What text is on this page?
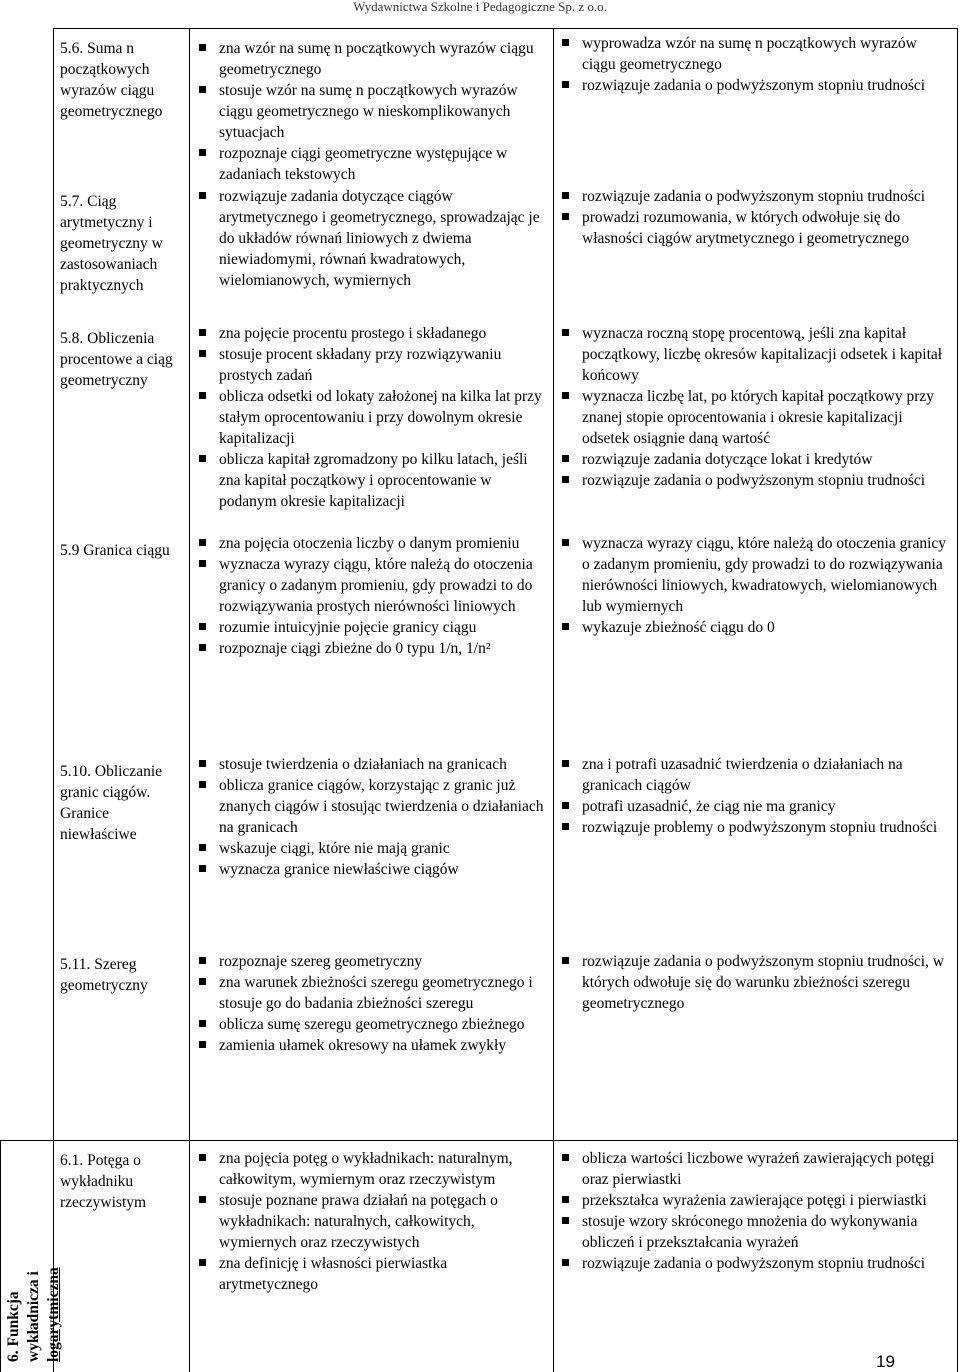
Wydawnictwa Szkolne i Pedagogiczne Sp. z o.o.
5.6. Suma n początkowych wyrazów ciągu geometrycznego
zna wzór na sumę n początkowych wyrazów ciągu geometrycznego
stosuje wzór na sumę n początkowych wyrazów ciągu geometrycznego w nieskomplikowanych sytuacjach
rozpoznaje ciągi geometryczne występujące w zadaniach tekstowych
wyprowadza wzór na sumę n początkowych wyrazów ciągu geometrycznego
rozwiązuje zadania o podwyższonym stopniu trudności
5.7. Ciąg arytmetyczny i geometryczny w zastosowaniach praktycznych
rozwiązuje zadania dotyczące ciągów arytmetycznego i geometrycznego, sprowadzając je do układów równań liniowych z dwiema niewiadomymi, równań kwadratowych, wielomianowych, wymiernych
rozwiązuje zadania o podwyższonym stopniu trudności
prowadzi rozumowania, w których odwołuje się do własności ciągów arytmetycznego i geometrycznego
5.8. Obliczenia procentowe a ciąg geometryczny
zna pojęcie procentu prostego i składanego
stosuje procent składany przy rozwiązywaniu prostych zadań
oblicza odsetki od lokaty założonej na kilka lat przy stałym oprocentowaniu i przy dowolnym okresie kapitalizacji
oblicza kapitał zgromadzony po kilku latach, jeśli zna kapitał początkowy i oprocentowanie w podanym okresie kapitalizacji
wyznacza roczną stopę procentową, jeśli zna kapitał początkowy, liczbę okresów kapitalizacji odsetek i kapitał końcowy
wyznacza liczbę lat, po których kapitał początkowy przy znanej stopie oprocentowania i okresie kapitalizacji odsetek osiągnie daną wartość
rozwiązuje zadania dotyczące lokat i kredytów
rozwiązuje zadania o podwyższonym stopniu trudności
5.9 Granica ciągu	zna pojęcia otoczenia liczby o danym promieniu
wyznacza wyrazy ciągu, które należą do otoczenia granicy o zadanym promieniu, gdy prowadzi to do rozwiązywania prostych nierówności liniowych
rozumie intuicyjnie pojęcie granicy ciągu
rozpoznaje ciągi zbieżne do 0 typu 1/n, 1/n²
wyznacza wyrazy ciągu, które należą do otoczenia granicy o zadanym promieniu, gdy prowadzi to do rozwiązywania nierówności liniowych, kwadratowych, wielomianowych lub wymiernych
wykazuje zbieżność ciągu do 0
5.10. Obliczanie granic ciągów. Granice niewłaściwe
stosuje twierdzenia o działaniach na granicach
oblicza granice ciągów, korzystając z granic już znanych ciągów i stosując twierdzenia o działaniach na granicach
wskazuje ciągi, które nie mają granic
wyznacza granice niewłaściwe ciągów
zna i potrafi uzasadnić twierdzenia o działaniach na granicach ciągów
potrafi uzasadnić, że ciąg nie ma granicy
rozwiązuje problemy o podwyższonym stopniu trudności
5.11. Szereg geometryczny
rozpoznaje szereg geometryczny
zna warunek zbieżności szeregu geometrycznego i stosuje go do badania zbieżności szeregu
oblicza sumę szeregu geometrycznego zbieżnego
zamienia ułamek okresowy na ułamek zwykły
rozwiązuje zadania o podwyższonym stopniu trudności, w których odwołuje się do warunku zbieżności szeregu geometrycznego
6. Funkcja wykładnicza i logarytmiczna
6.1. Potęga o wykładniku rzeczywistym
zna pojęcia potęg o wykładnikach: naturalnym, całkowitym, wymiernym oraz rzeczywistym
stosuje poznane prawa działań na potęgach o wykładnikach: naturalnych, całkowitych, wymiernych oraz rzeczywistych
zna definicję i własności pierwiastka arytmetycznego
oblicza wartości liczbowe wyrażeń zawierających potęgi oraz pierwiastki
przekształca wyrażenia zawierające potęgi i pierwiastki
stosuje wzory skróconego mnożenia do wykonywania obliczeń i przekształcania wyrażeń
rozwiązuje zadania o podwyższonym stopniu trudności
19
